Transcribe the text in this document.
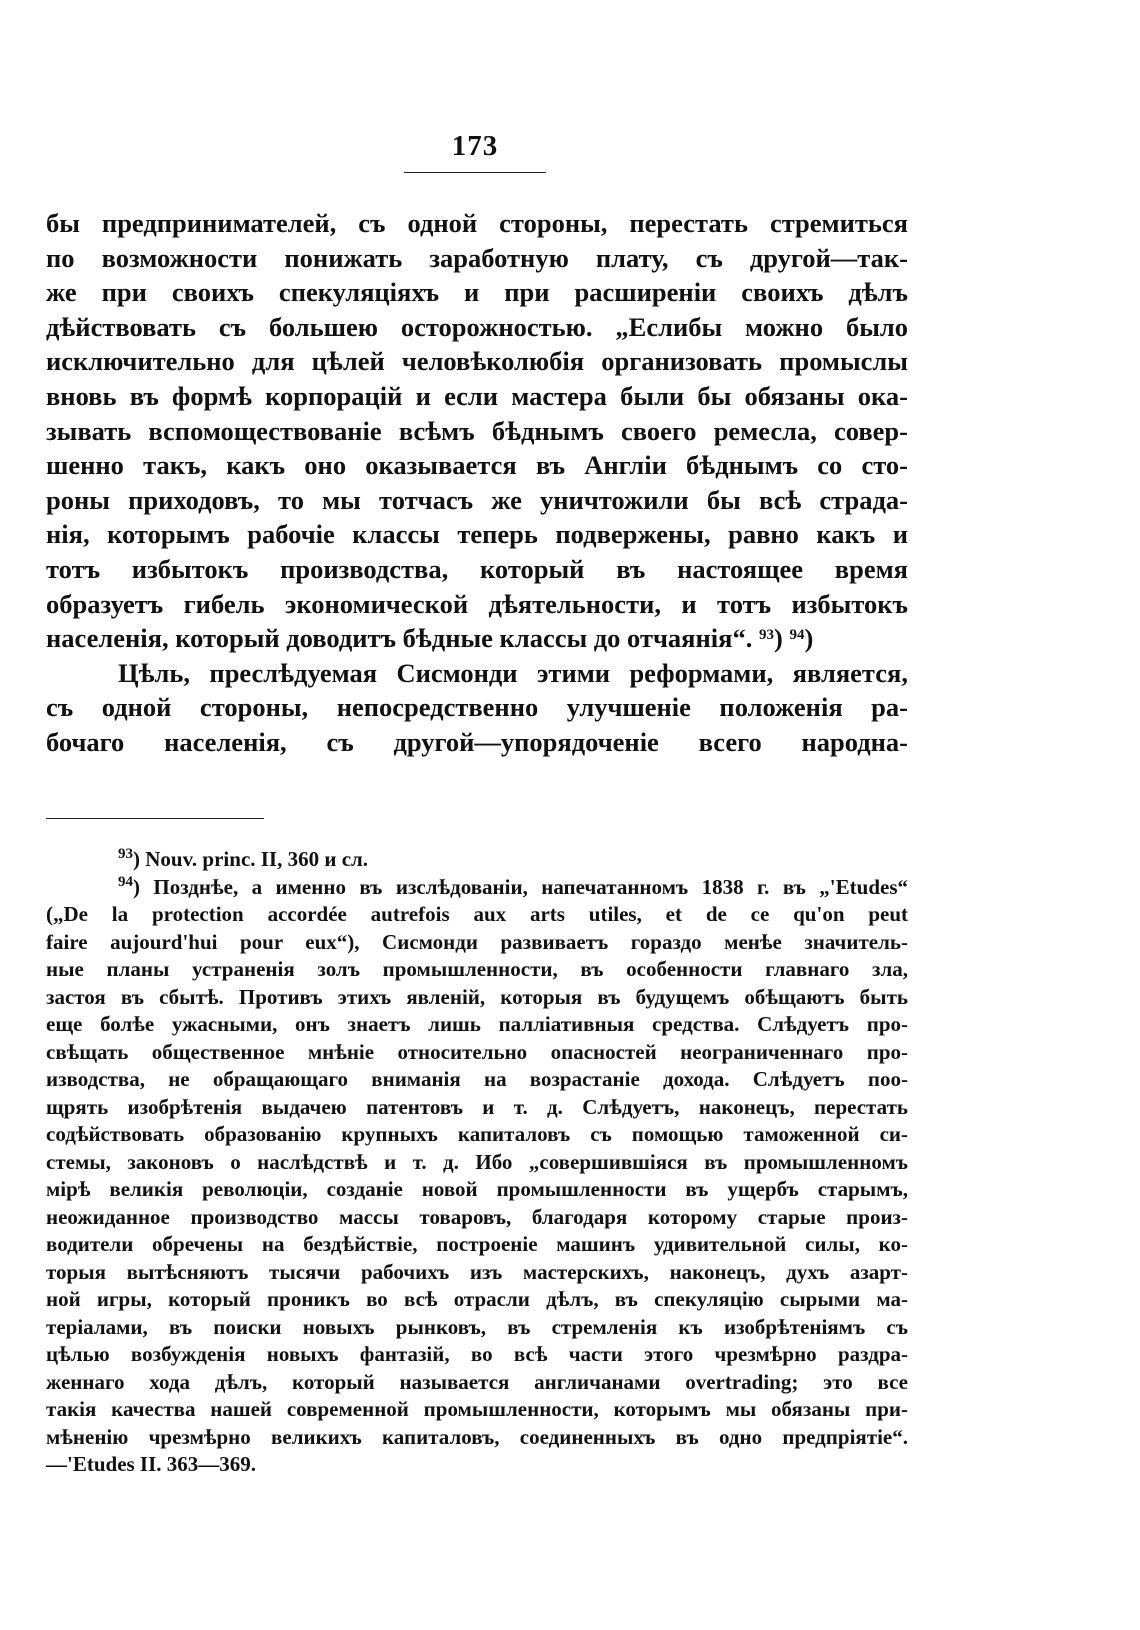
173
бы предпринимателей, съ одной стороны, перестать стремиться
по возможности понижать заработную плату, съ другой—так-
же при своихъ спекуляціяхъ и при расширеніи своихъ дѣлъ
дѣйствовать съ большею осторожностью. „Еслибы можно было
исключительно для цѣлей человѣколюбія организовать промыслы
вновь въ формѣ корпорацій и если мастера были бы обязаны ока-
зывать вспомоществованіе всѣмъ бѣднымъ своего ремесла, совер-
шенно такъ, какъ оно оказывается въ Англіи бѣднымъ со сто-
роны приходовъ, то мы тотчасъ же уничтожили бы всѣ страда-
нія, которымъ рабочіе классы теперь подвержены, равно какъ и
тотъ избытокъ производства, который въ настоящее время
образуетъ гибель экономической дѣятельности, и тотъ избытокъ
населенія, который доводитъ бѣдные классы до отчаянія“. $^{93}$) $^{94}$)
Цѣль, преслѣдуемая Сисмонди этими реформами, является,
съ одной стороны, непосредственно улучшеніе положенія ра-
бочаго населенія, съ другой—упорядоченіе всего народна-
$^{93}$) Nouv. princ. II, 360 и сл.
$^{94}$) Позднѣе, а именно въ изслѣдованіи, напечатанномъ 1838 г. въ „'Etudes“
(„De la protection accordée autrefois aux arts utiles, et de ce qu'on peut
faire aujourd'hui pour eux“), Сисмонди развиваетъ гораздо менѣе значитель-
ные планы устраненія золъ промышленности, въ особенности главнаго зла,
застоя въ сбытѣ. Противъ этихъ явленій, которыя въ будущемъ обѣщаютъ быть
еще болѣе ужасными, онъ знаетъ лишь палліативныя средства. Слѣдуетъ про-
свѣщать общественное мнѣніе относительно опасностей неограниченнаго про-
изводства, не обращающаго вниманія на возрастаніе дохода. Слѣдуетъ поо-
щрять изобрѣтенія выдачею патентовъ и т. д. Слѣдуетъ, наконецъ, перестать
содѣйствовать образованію крупныхъ капиталовъ съ помощью таможенной си-
стемы, законовъ о наслѣдствѣ и т. д. Ибо „совершившіяся въ промышленномъ
мірѣ великія революціи, созданіе новой промышленности въ ущербъ старымъ,
неожиданное производство массы товаровъ, благодаря которому старые произ-
водители обречены на бездѣйствіе, построеніе машинъ удивительной силы, ко-
торыя вытѣсняютъ тысячи рабочихъ изъ мастерскихъ, наконецъ, духъ азарт-
ной игры, который проникъ во всѣ отрасли дѣлъ, въ спекуляцію сырыми ма-
теріалами, въ поиски новыхъ рынковъ, въ стремленія къ изобрѣтеніямъ съ
цѣлью возбужденія новыхъ фантазій, во всѣ части этого чрезмѣрно раздра-
женнаго хода дѣлъ, который называется англичанами overtrading; это все
такія качества нашей современной промышленности, которымъ мы обязаны при-
мѣненію чрезмѣрно великихъ капиталовъ, соединенныхъ въ одно предпріятіе“.
—'Etudes II. 363—369.
